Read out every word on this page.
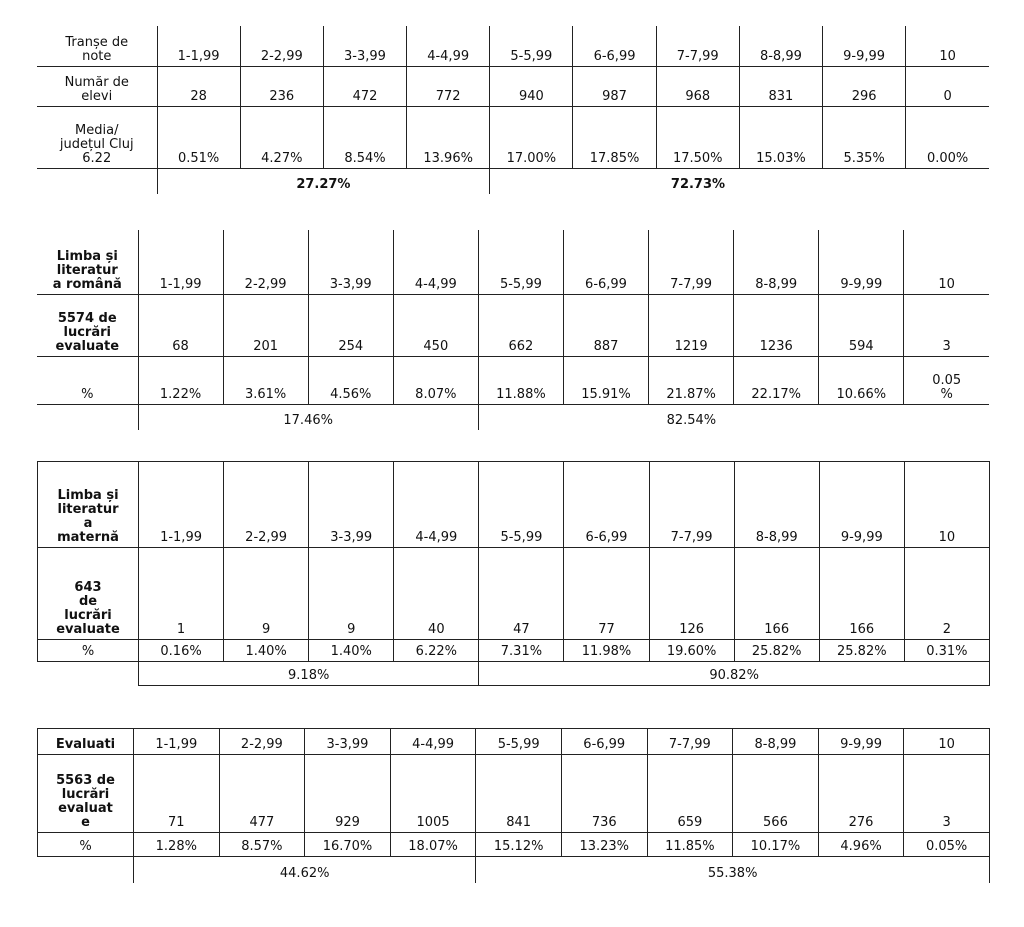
Tranșe de
note	1-1,99	2-2,99	3-3,99	4-4,99	5-5,99	6-6,99	7-7,99	8-8,99	9-9,99	10
Număr de
elevi	28	236	472	772	940	987	968	831	296	0
Media/
județul Cluj
6.22	0.51%	4.27%	8.54%	13.96%	17.00%	17.85%	17.50%	15.03%	5.35%	0.00%
	27.27%				72.73%					
Limba și
literatur
a română	1-1,99	2-2,99	3-3,99	4-4,99	5-5,99	6-6,99	7-7,99	8-8,99	9-9,99	10
5574 de
lucrări
evaluate	68	201	254	450	662	887	1219	1236	594	3
%	1.22%	3.61%	4.56%	8.07%	11.88%	15.91%	21.87%	22.17%	10.66%	0.05
%
	17.46%				82.54%					
Limba și
literatur
a
maternă	1-1,99	2-2,99	3-3,99	4-4,99	5-5,99	6-6,99	7-7,99	8-8,99	9-9,99	10
643
de
lucrări
evaluate	1	9	9	40	47	77	126	166	166	2
%	0.16%	1.40%	1.40%	6.22%	7.31%	11.98%	19.60%	25.82%	25.82%	0.31%
	9.18%				90.82%					
Evaluati	1-1,99	2-2,99	3-3,99	4-4,99	5-5,99	6-6,99	7-7,99	8-8,99	9-9,99	10
5563 de
lucrări
evaluat
e	71	477	929	1005	841	736	659	566	276	3
%	1.28%	8.57%	16.70%	18.07%	15.12%	13.23%	11.85%	10.17%	4.96%	0.05%
	44.62%				55.38%					
